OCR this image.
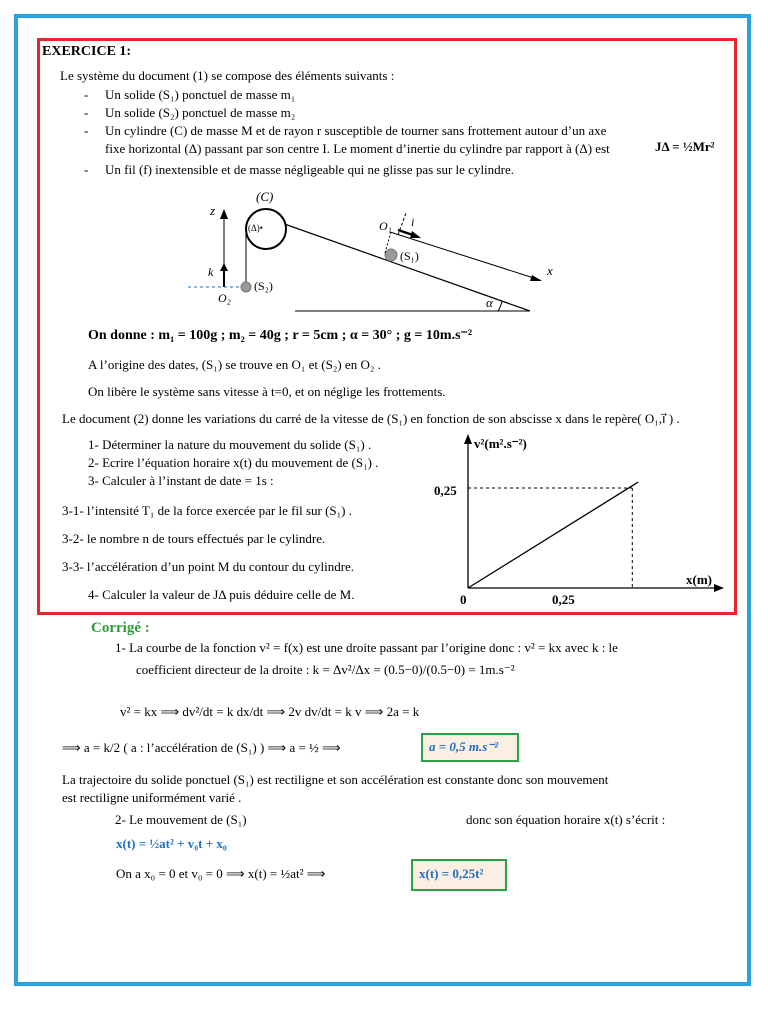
EXERCICE 1:
Le système du document (1) se compose des éléments suivants :
- Un solide (S₁) ponctuel de masse m₁
- Un solide (S₂) ponctuel de masse m₂
- Un cylindre (C) de masse M et de rayon r susceptible de tourner sans frottement autour d’un axe
fixe horizontal (Δ) passant par son centre I. Le moment d’inertie du cylindre par rapport à (Δ) est	JΔ = ½Mr²
- Un fil (f) inextensible et de masse négligeable qui ne glisse pas sur le cylindre.
(C)
(Δ)•
z
k⃗
(S₂)
O₂
O₁ i⃗
(S₁)
x
α
On donne : m₁ = 100g ; m₂ = 40g ; r = 5cm ; α = 30° ; g = 10m.s⁻²
A l’origine des dates, (S₁) se trouve en O₁ et (S₂) en O₂ .
On libère le système sans vitesse à t=0, et on néglige les frottements.
Le document (2) donne les variations du carré de la vitesse de (S₁) en fonction de son abscisse x dans le repère( O₁,i⃗ ) .
1- Déterminer la nature du mouvement du solide (S₁) .
2- Ecrire l’équation horaire x(t) du mouvement de (S₁) .
3- Calculer à l’instant de date = 1s :
3-1- l’intensité T₁ de la force exercée par le fil sur (S₁) .
3-2- le nombre n de tours effectués par le cylindre.
3-3- l’accélération d’un point M du contour du cylindre.
4- Calculer la valeur de JΔ puis déduire celle de M.
v²(m².s⁻²)
x(m)
0	0,25
0,25
Corrigé :
1- La courbe de la fonction v² = f(x) est une droite passant par l’origine donc : v² = kx avec k : le
coefficient directeur de la droite : k = Δv²/Δx = (0.5−0)/(0.5−0) = 1m.s⁻²
v² = kx ⟹ dv²/dt = k dx/dt ⟹ 2v dv/dt = k v ⟹ 2a = k
⟹ a = k/2 ( a : l’accélération de (S₁) ) ⟹ a = ½ ⟹	a = 0,5 m.s⁻²
La trajectoire du solide ponctuel (S₁) est rectiligne et son accélération est constante donc son mouvement
est rectiligne uniformément varié .
2- Le mouvement de (S₁)	donc son équation horaire x(t) s’écrit :
x(t) = ½at² + v₀t + x₀
On a x₀ = 0 et v₀ = 0 ⟹ x(t) = ½at² ⟹	x(t) = 0,25t²
